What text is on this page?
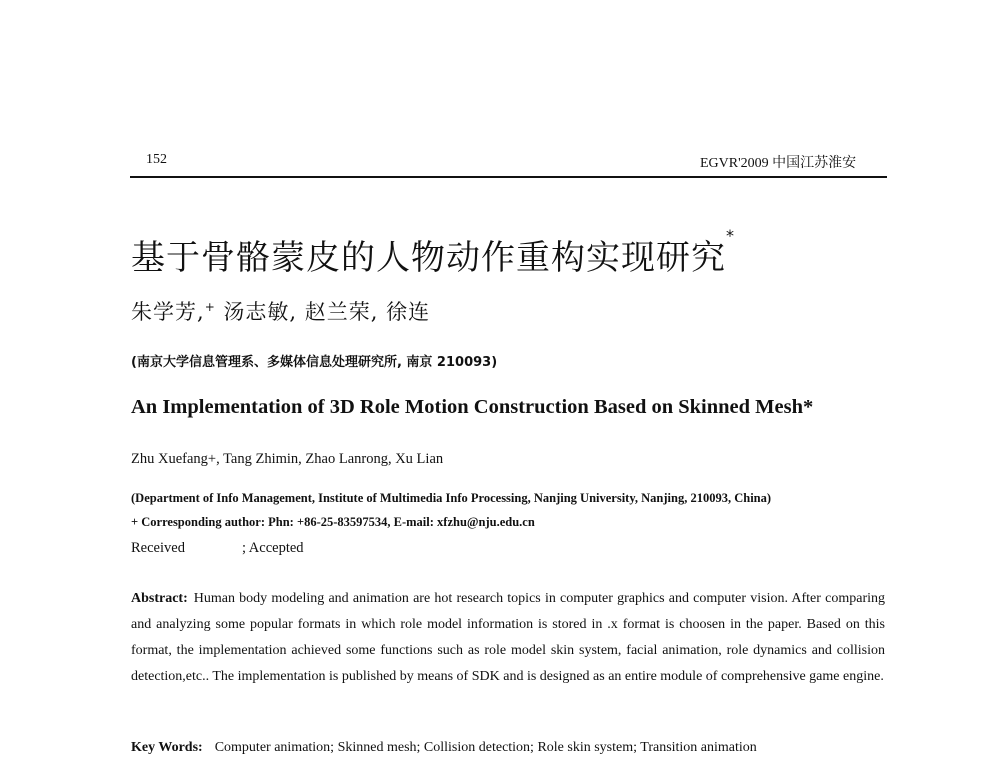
152	EGVR'2009 中国江苏淮安
基于骨骼蒙皮的人物动作重构实现研究*
朱学芳,+ 汤志敏, 赵兰荣, 徐连
(南京大学信息管理系、多媒体信息处理研究所, 南京 210093)
An Implementation of 3D Role Motion Construction Based on Skinned Mesh*
Zhu Xuefang+, Tang Zhimin, Zhao Lanrong, Xu Lian
(Department of Info Management, Institute of Multimedia Info Processing, Nanjing University, Nanjing, 210093, China)
+ Corresponding author: Phn: +86-25-83597534, E-mail: xfzhu@nju.edu.cn
Received	; Accepted
Abstract: Human body modeling and animation are hot research topics in computer graphics and computer vision. After comparing and analyzing some popular formats in which role model information is stored in .x format is choosen in the paper. Based on this format, the implementation achieved some functions such as role model skin system, facial animation, role dynamics and collision detection,etc.. The implementation is published by means of SDK and is designed as an entire module of comprehensive game engine.
Key Words: Computer animation; Skinned mesh; Collision detection; Role skin system; Transition animation
